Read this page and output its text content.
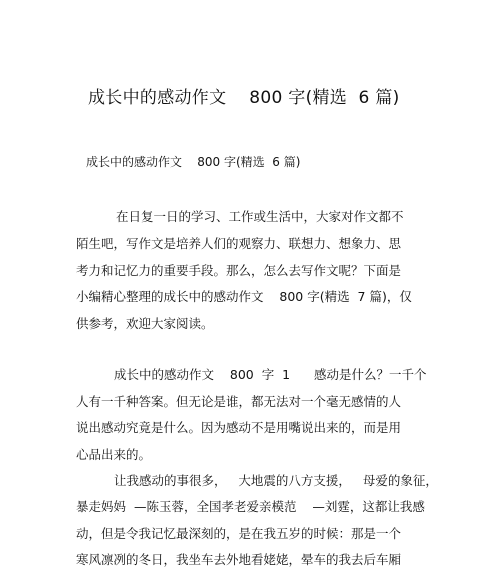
成长中的感动作文    800 字(精选  6 篇)
成长中的感动作文    800 字(精选  6 篇)
在日复一日的学习、工作或生活中，大家对作文都不
陌生吧，写作文是培养人们的观察力、联想力、想象力、思
考力和记忆力的重要手段。那么，怎么去写作文呢？下面是
小编精心整理的成长中的感动作文    800 字(精选  7 篇)，仅
供参考，欢迎大家阅读。
成长中的感动作文    800  字  1      感动是什么？一千个
人有一千种答案。但无论是谁，都无法对一个毫无感情的人
说出感动究竟是什么。因为感动不是用嘴说出来的，而是用
心品出来的。
让我感动的事很多，   大地震的八方支援，   母爱的象征，
暴走妈妈  —陈玉蓉，全国孝老爱亲模范    —刘霆，这都让我感
动，但是令我记忆最深刻的，是在我五岁的时候：那是一个
寒风凛冽的冬日，我坐车去外地看姥姥，晕车的我去后车厢
